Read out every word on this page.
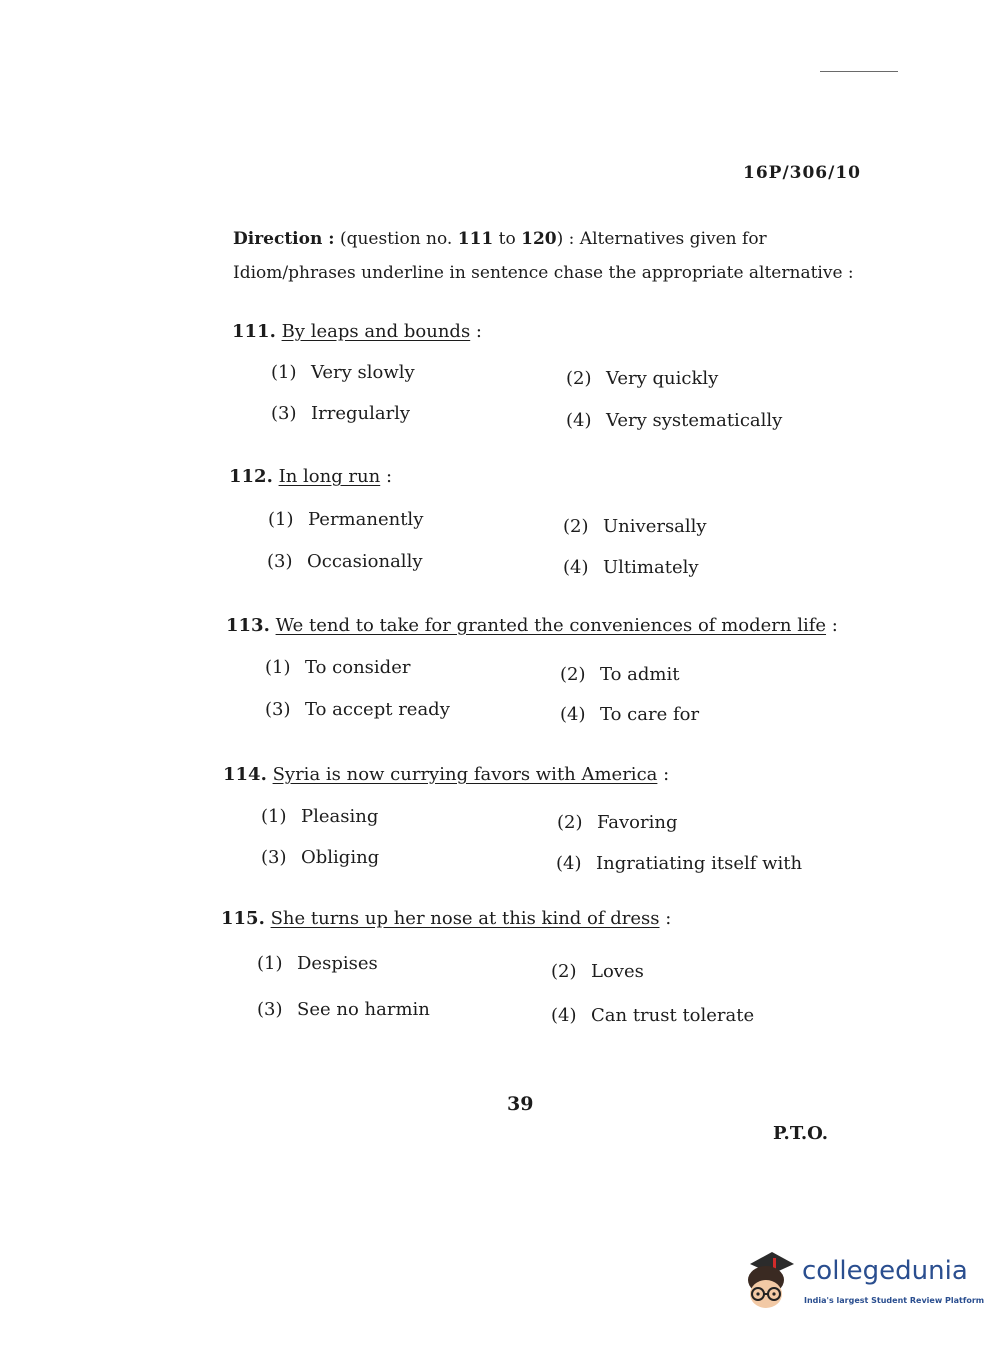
16P/306/10
Direction : (question no. 111 to 120) : Alternatives given for Idiom/phrases underline in sentence chase the appropriate alternative :
111. By leaps and bounds :
(1) Very slowly	(2) Very quickly
(3) Irregularly	(4) Very systematically
112. In long run :
(1) Permanently	(2) Universally
(3) Occasionally	(4) Ultimately
113. We tend to take for granted the conveniences of modern life :
(1) To consider	(2) To admit
(3) To accept ready	(4) To care for
114. Syria is now currying favors with America :
(1) Pleasing	(2) Favoring
(3) Obliging	(4) Ingratiating itself with
115. She turns up her nose at this kind of dress :
(1) Despises	(2) Loves
(3) See no harmin	(4) Can trust tolerate
39
P.T.O.
collegedunia
India's largest Student Review Platform
